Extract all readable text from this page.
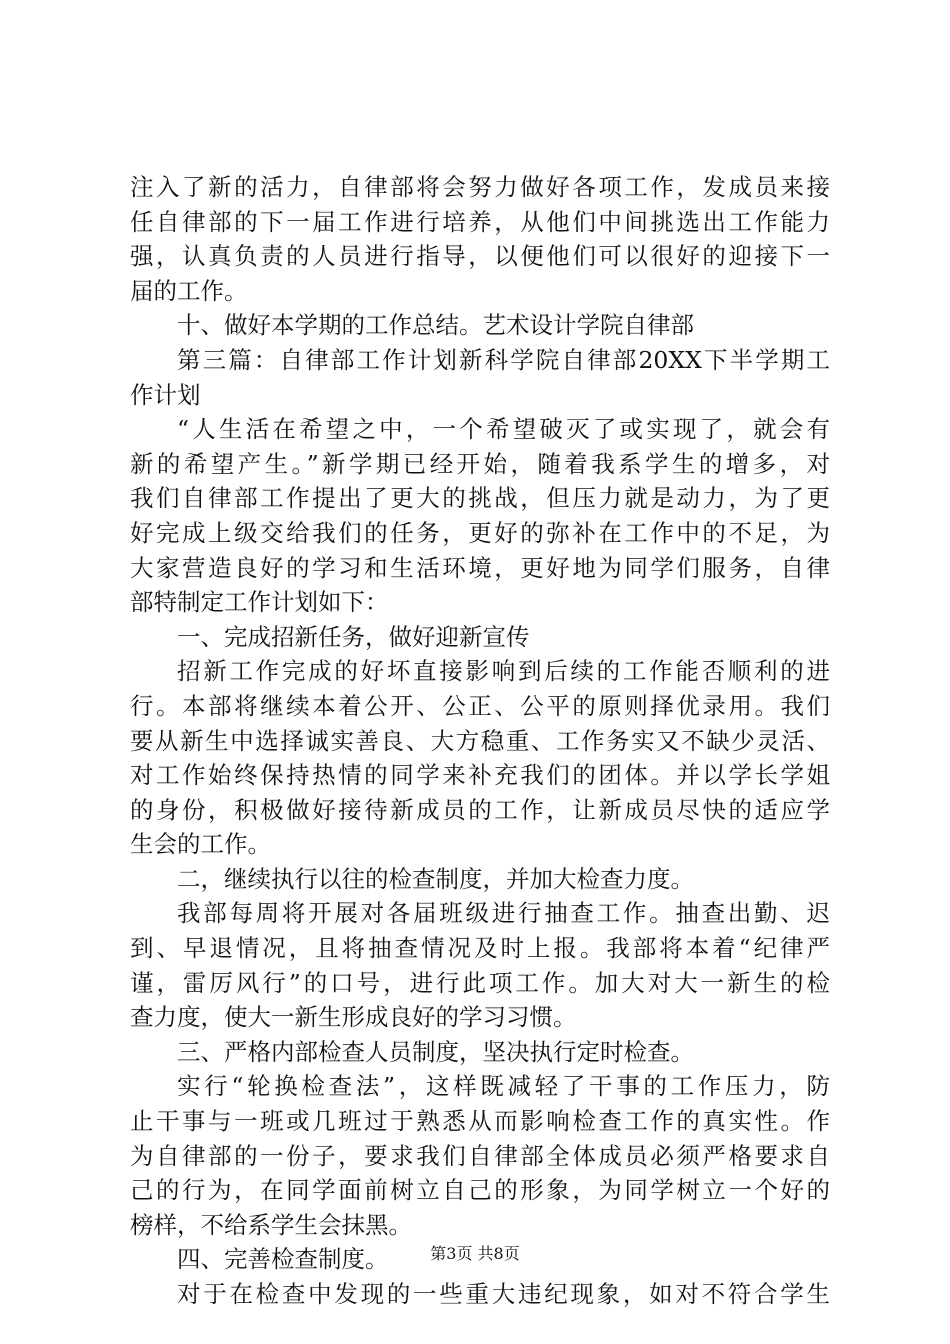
注入了新的活力，自律部将会努力做好各项工作，发成员来接
任自律部的下一届工作进行培养，从他们中间挑选出工作能力
强，认真负责的人员进行指导，以便他们可以很好的迎接下一
届的工作。
十、做好本学期的工作总结。艺术设计学院自律部
第三篇：自律部工作计划新科学院自律部20XX下半学期工
作计划
“人生活在希望之中，一个希望破灭了或实现了，就会有
新的希望产生。”新学期已经开始，随着我系学生的增多，对
我们自律部工作提出了更大的挑战，但压力就是动力，为了更
好完成上级交给我们的任务，更好的弥补在工作中的不足，为
大家营造良好的学习和生活环境，更好地为同学们服务，自律
部特制定工作计划如下：
一、完成招新任务，做好迎新宣传
招新工作完成的好坏直接影响到后续的工作能否顺利的进
行。本部将继续本着公开、公正、公平的原则择优录用。我们
要从新生中选择诚实善良、大方稳重、工作务实又不缺少灵活、
对工作始终保持热情的同学来补充我们的团体。并以学长学姐
的身份，积极做好接待新成员的工作，让新成员尽快的适应学
生会的工作。
二，继续执行以往的检查制度，并加大检查力度。
我部每周将开展对各届班级进行抽查工作。抽查出勤、迟
到、早退情况，且将抽查情况及时上报。我部将本着“纪律严
谨，雷厉风行”的口号，进行此项工作。加大对大一新生的检
查力度，使大一新生形成良好的学习习惯。
三、严格内部检查人员制度，坚决执行定时检查。
实行“轮换检查法”，这样既减轻了干事的工作压力，防
止干事与一班或几班过于熟悉从而影响检查工作的真实性。作
为自律部的一份子，要求我们自律部全体成员必须严格要求自
己的行为，在同学面前树立自己的形象，为同学树立一个好的
榜样，不给系学生会抹黑。
四、完善检查制度。
对于在检查中发现的一些重大违纪现象，如对不符合学生
第3页 共8页
